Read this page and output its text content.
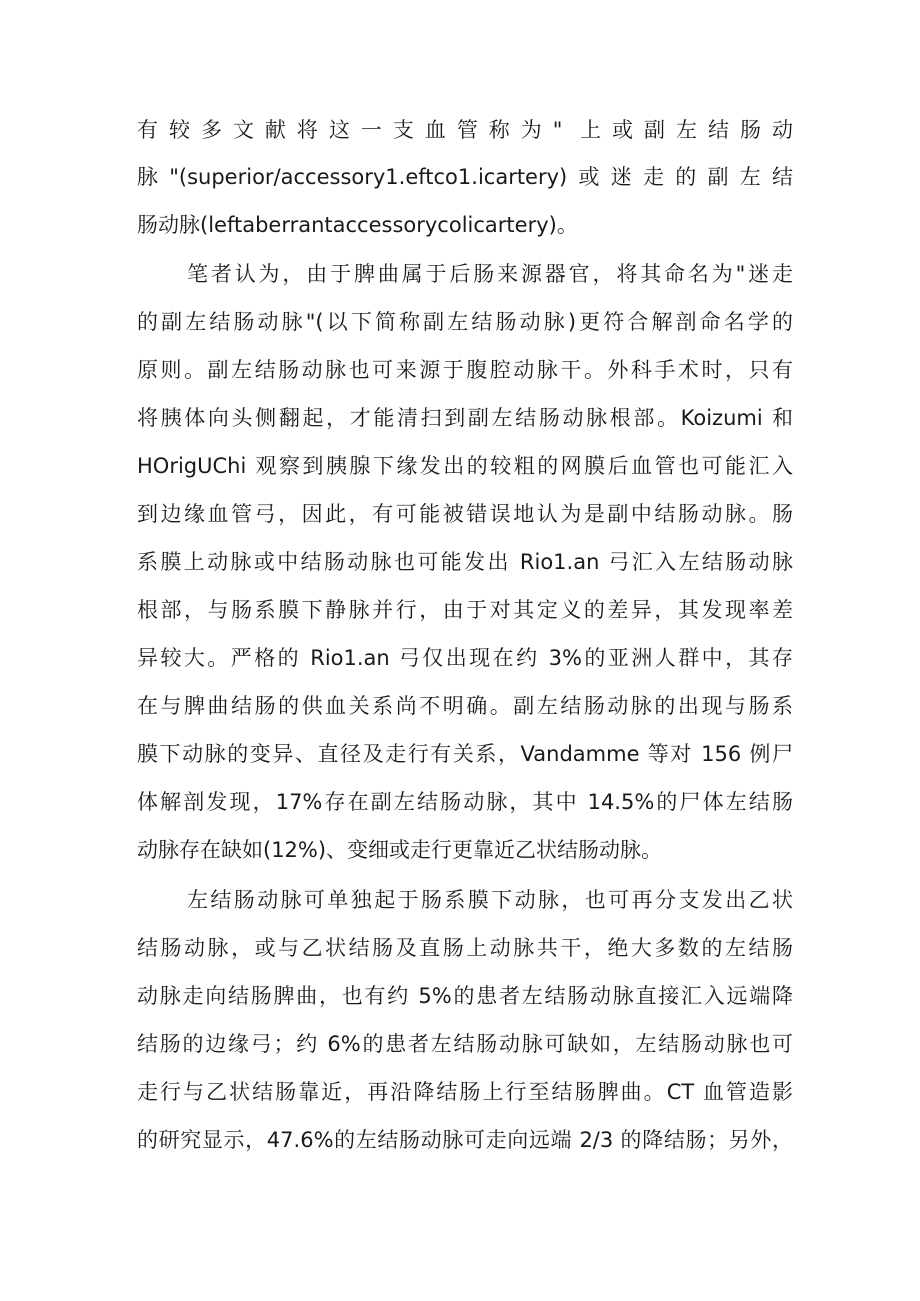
有较多文献将这一支血管称为" 上或副左结肠动
脉"(superior/accessory1.eftco1.icartery)或迷走的副左结
肠动脉(leftaberrantaccessorycolicartery)。
笔者认为，由于脾曲属于后肠来源器官，将其命名为"迷走
的副左结肠动脉"(以下简称副左结肠动脉)更符合解剖命名学的
原则。副左结肠动脉也可来源于腹腔动脉干。外科手术时，只有
将胰体向头侧翻起，才能清扫到副左结肠动脉根部。Koizumi 和
HOrigUChi 观察到胰腺下缘发出的较粗的网膜后血管也可能汇入
到边缘血管弓，因此，有可能被错误地认为是副中结肠动脉。肠
系膜上动脉或中结肠动脉也可能发出 Rio1.an 弓汇入左结肠动脉
根部，与肠系膜下静脉并行，由于对其定义的差异，其发现率差
异较大。严格的 Rio1.an 弓仅出现在约 3%的亚洲人群中，其存
在与脾曲结肠的供血关系尚不明确。副左结肠动脉的出现与肠系
膜下动脉的变异、直径及走行有关系，Vandamme 等对 156 例尸
体解剖发现，17%存在副左结肠动脉，其中 14.5%的尸体左结肠
动脉存在缺如(12%)、变细或走行更靠近乙状结肠动脉。
左结肠动脉可单独起于肠系膜下动脉，也可再分支发出乙状
结肠动脉，或与乙状结肠及直肠上动脉共干，绝大多数的左结肠
动脉走向结肠脾曲，也有约 5%的患者左结肠动脉直接汇入远端降
结肠的边缘弓；约 6%的患者左结肠动脉可缺如，左结肠动脉也可
走行与乙状结肠靠近，再沿降结肠上行至结肠脾曲。CT 血管造影
的研究显示，47.6%的左结肠动脉可走向远端 2/3 的降结肠；另外，
